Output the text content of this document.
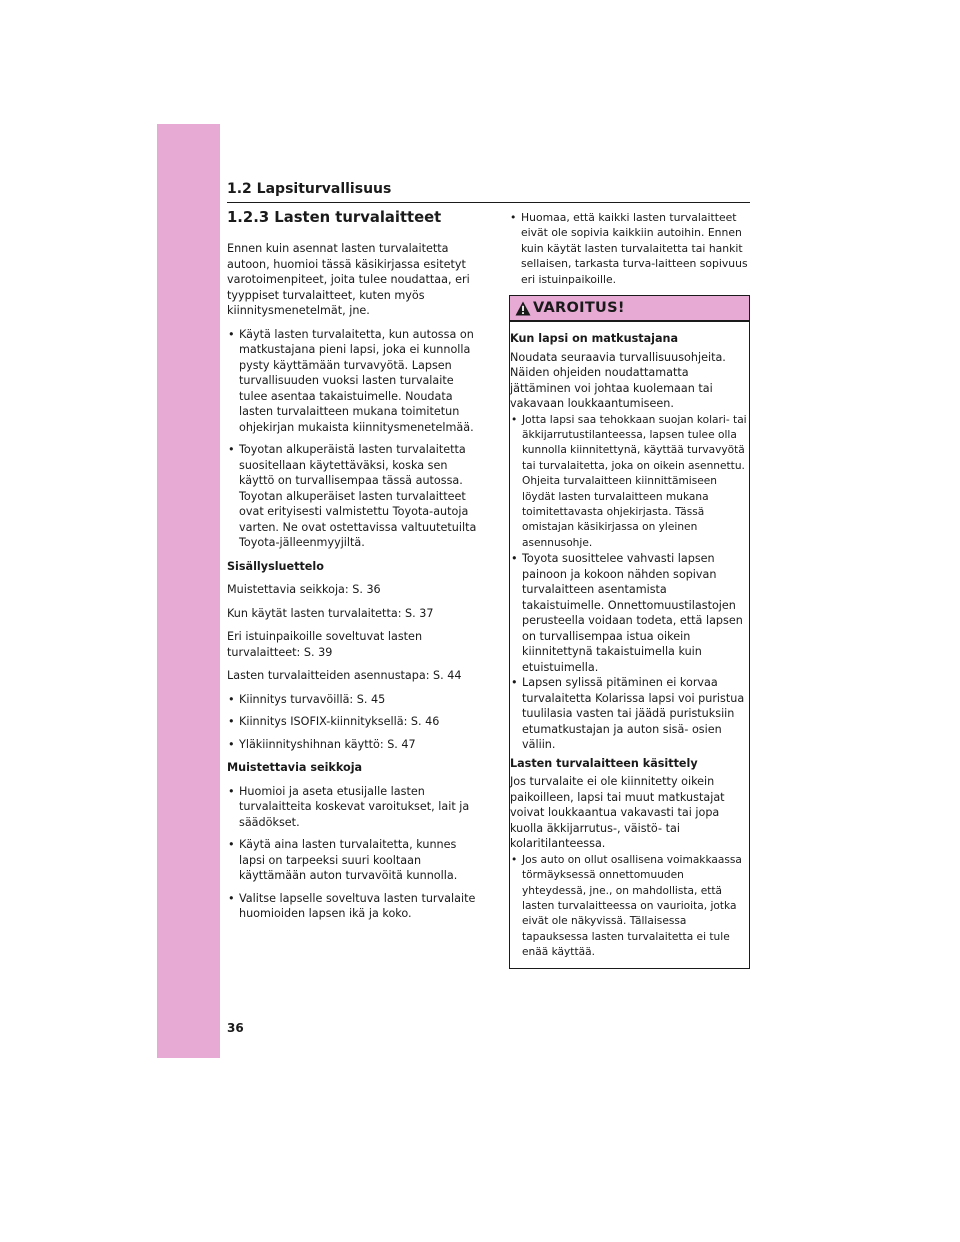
1.2 Lapsiturvallisuus
1.2.3 Lasten turvalaitteet

Ennen kuin asennat lasten turvalaitetta autoon, huomioi tässä käsikirjassa esitetyt varotoimenpiteet, joita tulee noudattaa, eri tyyppiset turvalaitteet, kuten myös kiinnitysmenetelmät, jne.

• Käytä lasten turvalaitetta, kun autossa on matkustajana pieni lapsi, joka ei kunnolla pysty käyttämään turvavyötä. Lapsen turvallisuuden vuoksi lasten turvalaite tulee asentaa takaistuimelle. Noudata lasten turvalaitteen mukana toimitetun ohjekirjan mukaista kiinnitysmenetelmää.
• Toyotan alkuperäistä lasten turvalaitetta suositellaan käytettäväksi, koska sen käyttö on turvallisempaa tässä autossa. Toyotan alkuperäiset lasten turvalaitteet ovat erityisesti valmistettu Toyota-autoja varten. Ne ovat ostettavissa valtuutetuilta Toyota-jälleenmyyjiltä.

Sisällysluettelo

Muistettavia seikkoja: S. 36

Kun käytät lasten turvalaitetta: S. 37

Eri istuinpaikoille soveltuvat lasten turvalaitteet: S. 39

Lasten turvalaitteiden asennustapa: S. 44

• Kiinnitys turvavöillä: S. 45
• Kiinnitys ISOFIX-kiinnityksellä: S. 46
• Yläkiinnityshihnan käyttö: S. 47

Muistettavia seikkoja

• Huomioi ja aseta etusijalle lasten turvalaitteita koskevat varoitukset, lait ja säädökset.
• Käytä aina lasten turvalaitetta, kunnes lapsi on tarpeeksi suuri kooltaan käyttämään auton turvavöitä kunnolla.
• Valitse lapselle soveltuva lasten turvalaite huomioiden lapsen ikä ja koko.
• Huomaa, että kaikki lasten turvalaitteet eivät ole sopivia kaikkiin autoihin. Ennen kuin käytät lasten turvalaitetta tai hankit sellaisen, tarkasta turva-laitteen sopivuus eri istuinpaikoille.
VAROITUS!

Kun lapsi on matkustajana

Noudata seuraavia turvallisuusohjeita. Näiden ohjeiden noudattamatta jättäminen voi johtaa kuolemaan tai vakavaan loukkaantumiseen.

• Jotta lapsi saa tehokkaan suojan kolari- tai äkkijarrutustilanteessa, lapsen tulee olla kunnolla kiinnitettynä, käyttää turvavyötä tai turvalaitetta, joka on oikein asennettu. Ohjeita turvalaitteen kiinnittämiseen löydät lasten turvalaitteen mukana toimitettavasta ohjekirjasta. Tässä omistajan käsikirjassa on yleinen asennusohje.
• Toyota suosittelee vahvasti lapsen painoon ja kokoon nähden sopivan turvalaitteen asentamista takaistuimelle. Onnettomuustilastojen perusteella voidaan todeta, että lapsen on turvallisempaa istua oikein kiinnitettynä takaistuimella kuin etuistuimella.
• Lapsen sylissä pitäminen ei korvaa turvalaitetta Kolarissa lapsi voi puristua tuulilasia vasten tai jäädä puristuksiin etumatkustajan ja auton sisä- osien väliin.

Lasten turvalaitteen käsittely

Jos turvalaite ei ole kiinnitetty oikein paikoilleen, lapsi tai muut matkustajat voivat loukkaantua vakavasti tai jopa kuolla äkkijarrutus-, väistö- tai kolaritilanteessa.

• Jos auto on ollut osallisena voimakkaassa törmäyksessä onnettomuuden yhteydessä, jne., on mahdollista, että lasten turvalaitteessa on vaurioita, jotka eivät ole näkyvissä. Tällaisessa tapauksessa lasten turvalaitetta ei tule enää käyttää.
36
